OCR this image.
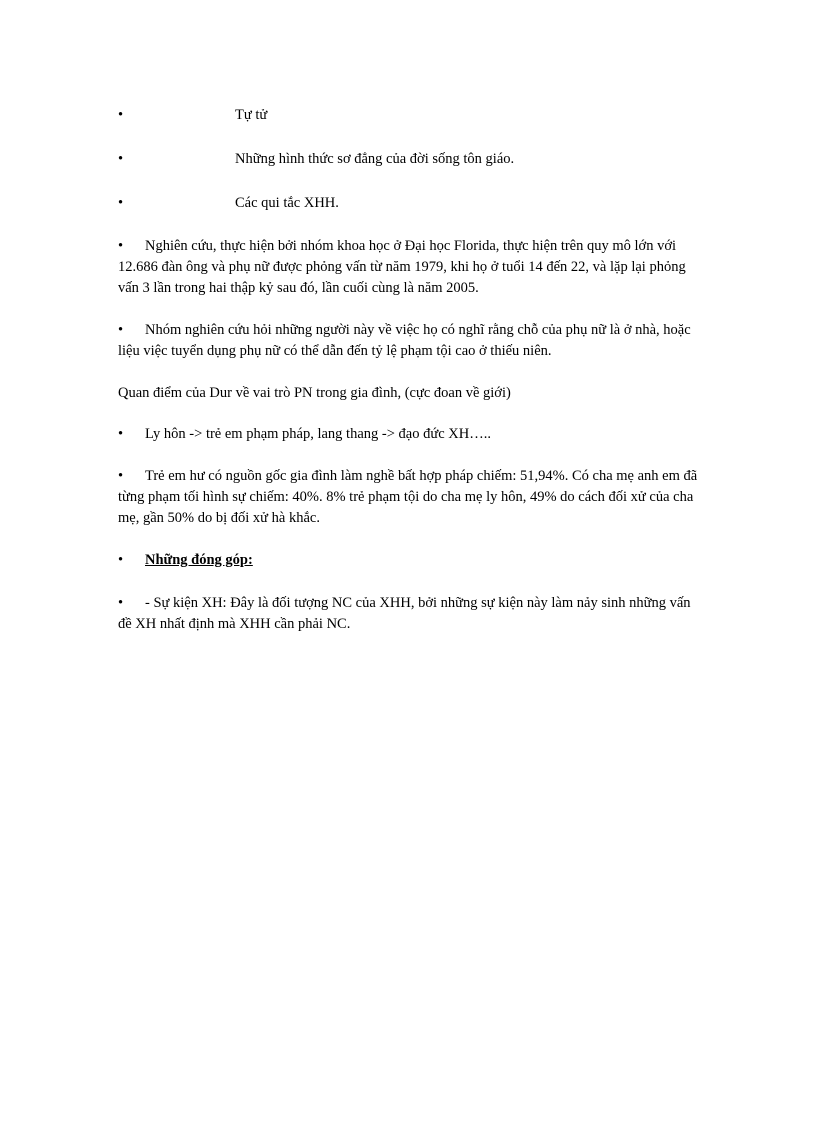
•	Tự tử

•	Những hình thức sơ đẳng của đời sống tôn giáo.

•	Các qui tắc XHH.

• Nghiên cứu, thực hiện bởi nhóm khoa học ở Đại học Florida, thực hiện trên quy mô lớn với 12.686 đàn ông và phụ nữ được phỏng vấn từ năm 1979, khi họ ở tuổi 14 đến 22, và lặp lại phỏng vấn 3 lần trong hai thập kỷ sau đó, lần cuối cùng là năm 2005.

• Nhóm nghiên cứu hỏi những người này về việc họ có nghĩ rằng chỗ của phụ nữ là ở nhà, hoặc liệu việc tuyển dụng phụ nữ có thể dẫn đến tỷ lệ phạm tội cao ở thiếu niên.

Quan điểm của Dur về vai trò PN trong gia đình, (cực đoan về giới)

• Ly hôn -> trẻ em phạm pháp, lang thang -> đạo đức XH…..

• Trẻ em hư có nguồn gốc gia đình làm nghề bất hợp pháp chiếm: 51,94%. Có cha mẹ anh em đã từng phạm tối hình sự chiếm: 40%. 8% trẻ phạm tội do cha mẹ ly hôn, 49% do cách đối xử của cha mẹ, gần 50% do bị đối xử hà khắc.

• Những đóng góp:

• - Sự kiện XH: Đây là đối tượng NC của XHH, bởi những sự kiện này làm nảy sinh những vấn đề XH nhất định mà XHH cần phải NC.
